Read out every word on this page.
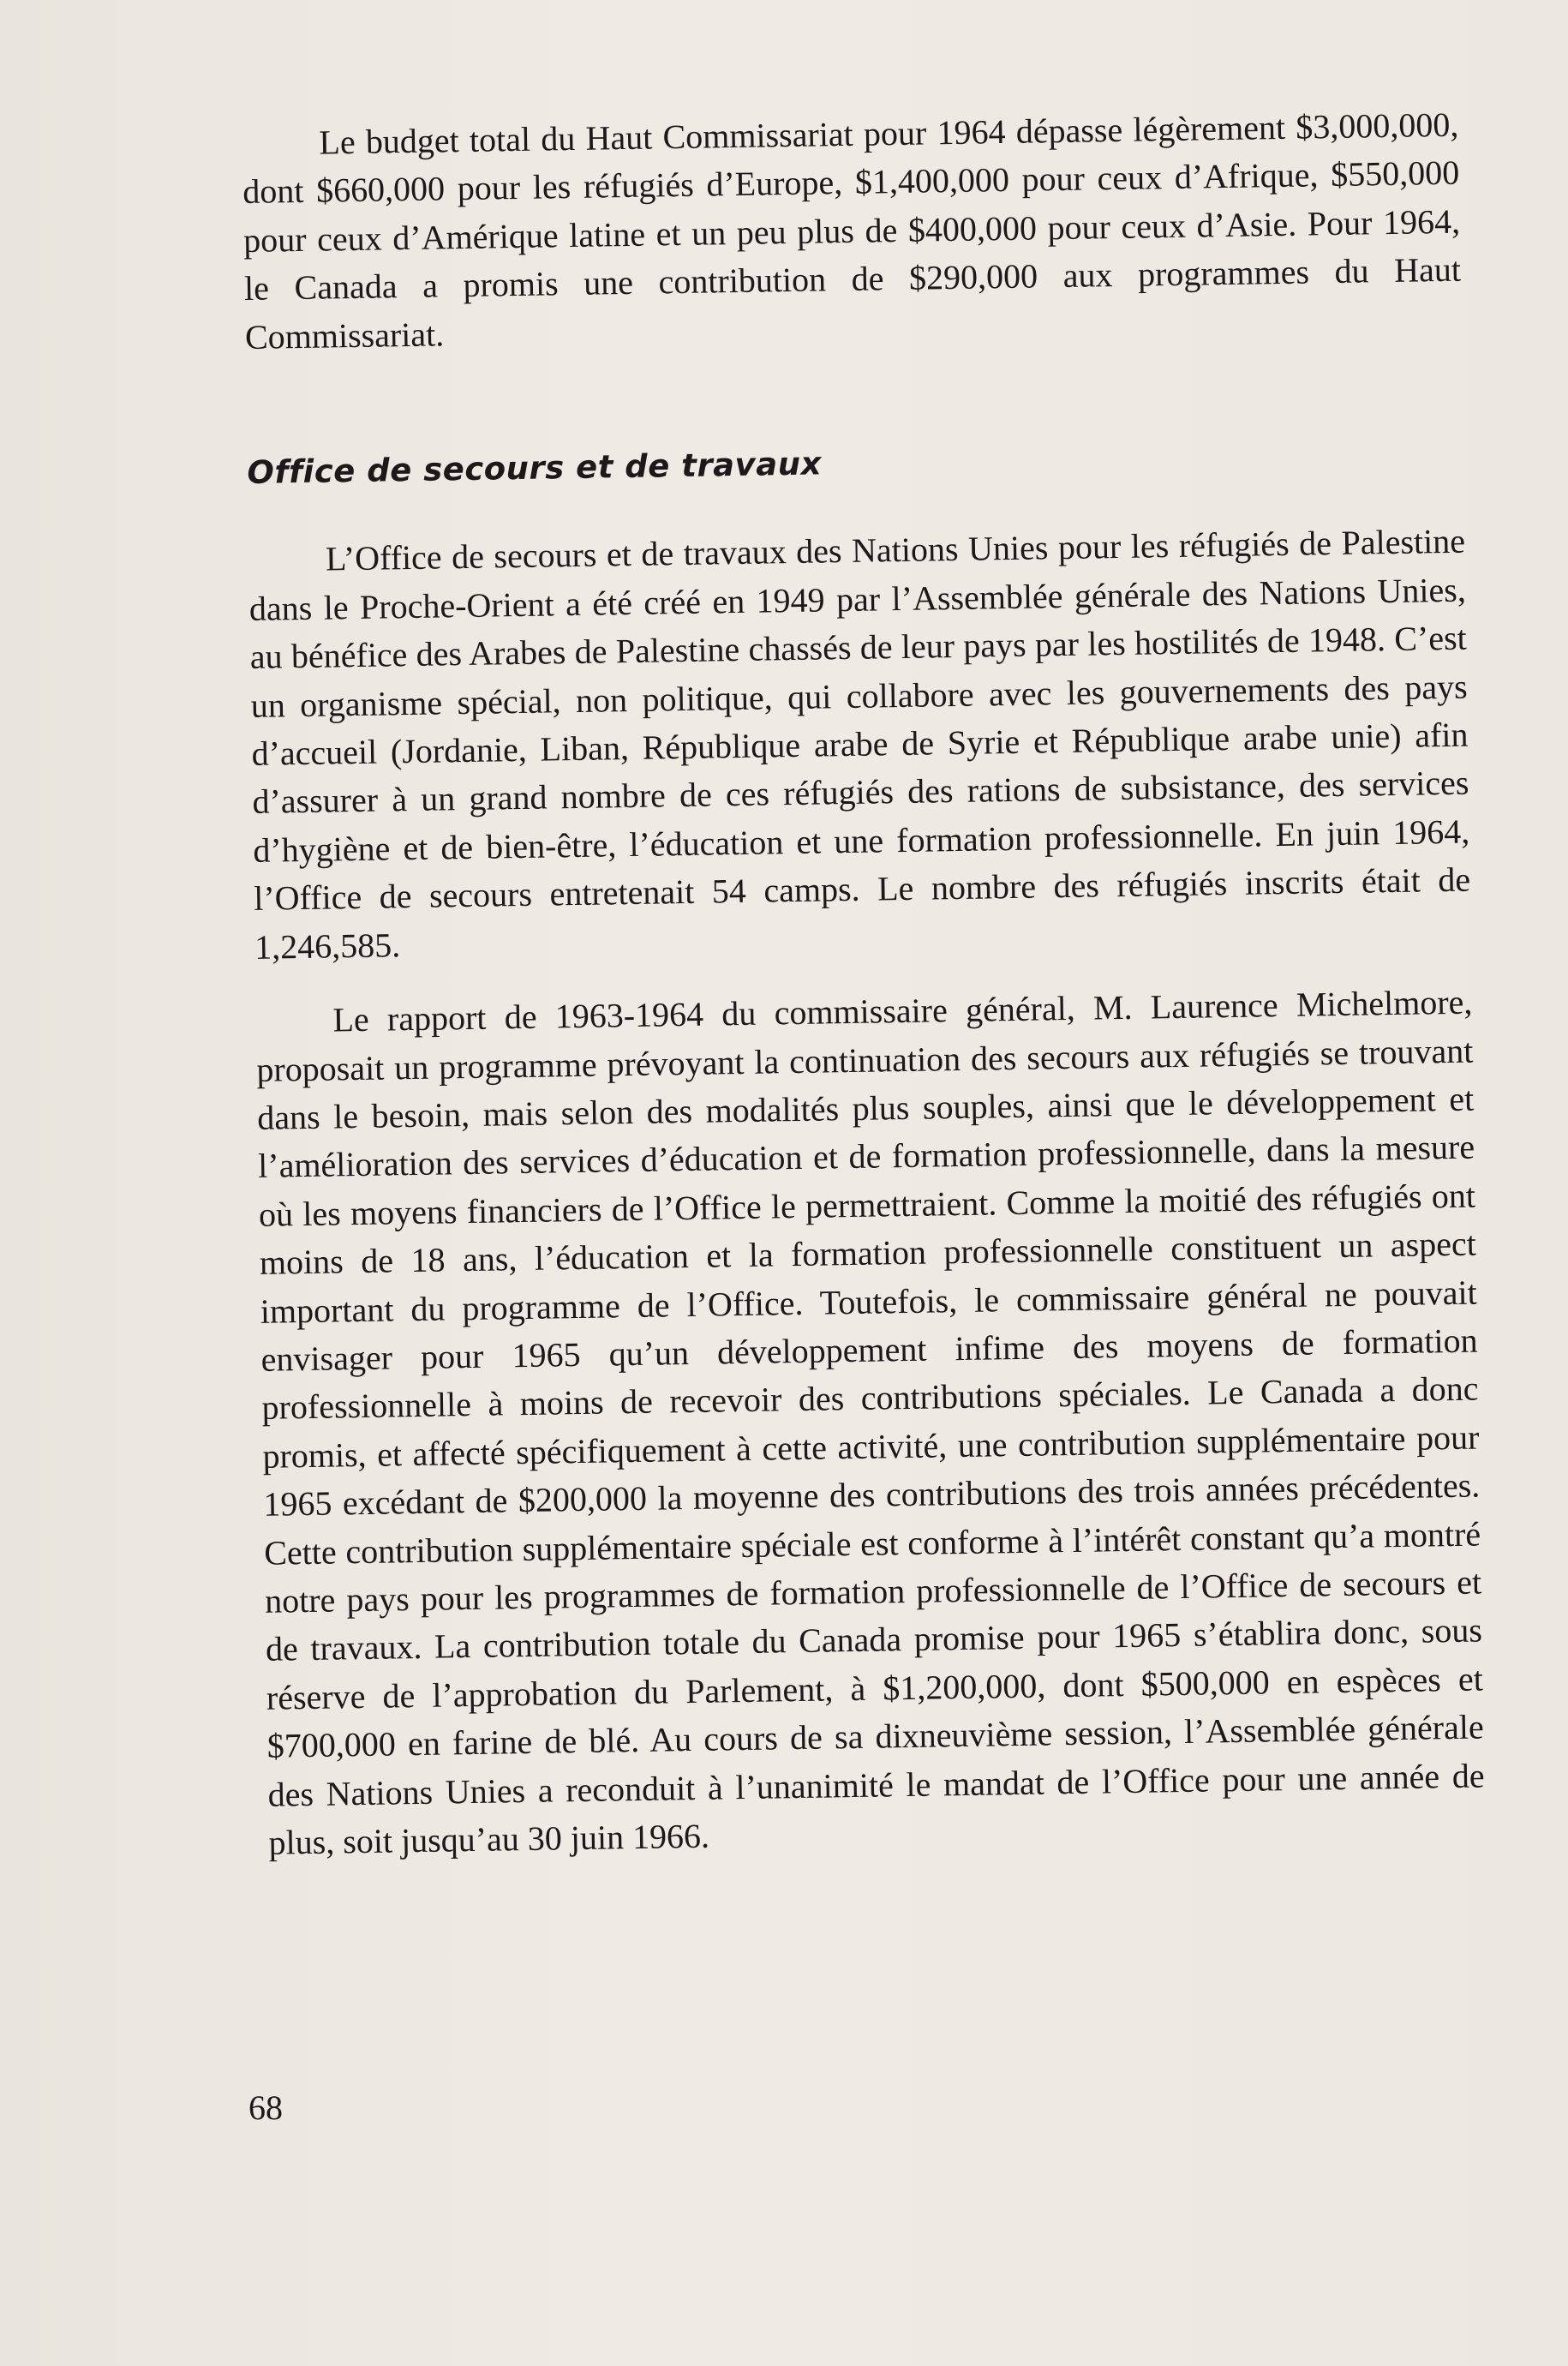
Le budget total du Haut Commissariat pour 1964 dépasse légèrement $3,000,000, dont $660,000 pour les réfugiés d’Europe, $1,400,000 pour ceux d’Afrique, $550,000 pour ceux d’Amérique latine et un peu plus de $400,000 pour ceux d’Asie. Pour 1964, le Canada a promis une contribution de $290,000 aux programmes du Haut Commissariat.

Office de secours et de travaux

L’Office de secours et de travaux des Nations Unies pour les réfugiés de Palestine dans le Proche-Orient a été créé en 1949 par l’Assemblée générale des Nations Unies, au bénéfice des Arabes de Palestine chassés de leur pays par les hostilités de 1948. C’est un organisme spécial, non politique, qui collabore avec les gouvernements des pays d’accueil (Jordanie, Liban, République arabe de Syrie et République arabe unie) afin d’assurer à un grand nombre de ces réfugiés des rations de subsistance, des services d’hygiène et de bien-être, l’éducation et une formation professionnelle. En juin 1964, l’Office de secours entretenait 54 camps. Le nombre des réfugiés inscrits était de 1,246,585.

Le rapport de 1963-1964 du commissaire général, M. Laurence Michelmore, proposait un programme prévoyant la continuation des secours aux réfugiés se trouvant dans le besoin, mais selon des modalités plus souples, ainsi que le développement et l’amélioration des services d’éducation et de formation professionnelle, dans la mesure où les moyens financiers de l’Office le permettraient. Comme la moitié des réfugiés ont moins de 18 ans, l’éducation et la formation professionnelle constituent un aspect important du programme de l’Office. Toutefois, le commissaire général ne pouvait envisager pour 1965 qu’un développement infime des moyens de formation professionnelle à moins de recevoir des contributions spéciales. Le Canada a donc promis, et affecté spécifiquement à cette activité, une contribution supplémentaire pour 1965 excédant de $200,000 la moyenne des contributions des trois années précédentes. Cette contribution supplémentaire spéciale est conforme à l’intérêt constant qu’a montré notre pays pour les programmes de formation professionnelle de l’Office de secours et de travaux. La contribution totale du Canada promise pour 1965 s’établira donc, sous réserve de l’approbation du Parlement, à $1,200,000, dont $500,000 en espèces et $700,000 en farine de blé. Au cours de sa dixneuvième session, l’Assemblée générale des Nations Unies a reconduit à l’unanimité le mandat de l’Office pour une année de plus, soit jusqu’au 30 juin 1966.

68
